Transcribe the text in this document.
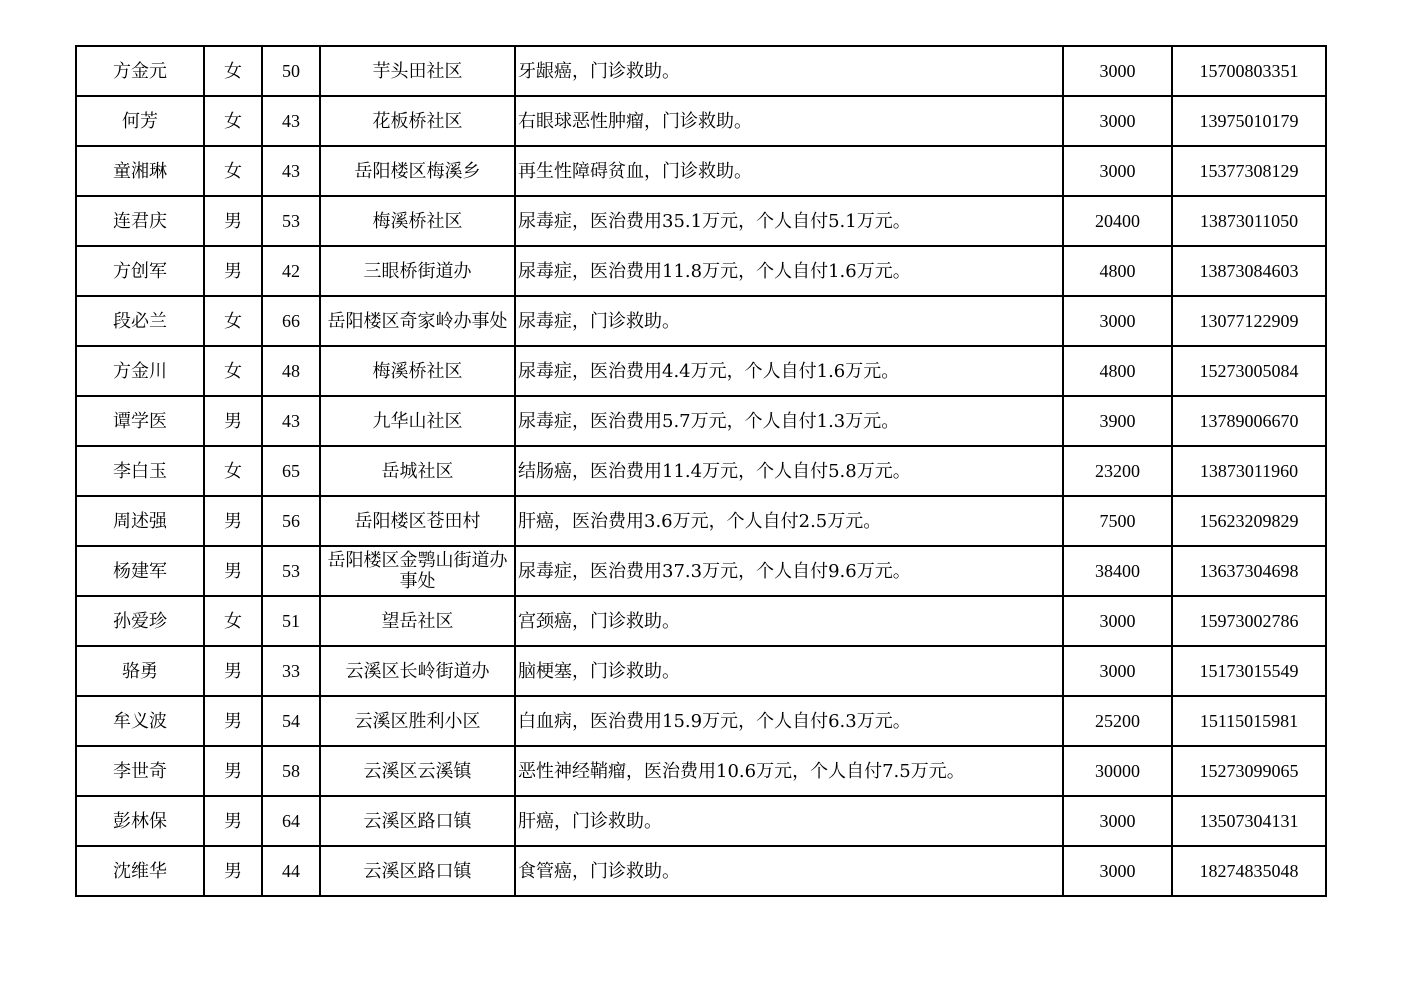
方金元	女	50	芋头田社区	牙龈癌，门诊救助。	3000	15700803351
何芳	女	43	花板桥社区	右眼球恶性肿瘤，门诊救助。	3000	13975010179
童湘琳	女	43	岳阳楼区梅溪乡	再生性障碍贫血，门诊救助。	3000	15377308129
连君庆	男	53	梅溪桥社区	尿毒症，医治费用35.1万元，个人自付5.1万元。	20400	13873011050
方创军	男	42	三眼桥街道办	尿毒症，医治费用11.8万元，个人自付1.6万元。	4800	13873084603
段必兰	女	66	岳阳楼区奇家岭办事处	尿毒症，门诊救助。	3000	13077122909
方金川	女	48	梅溪桥社区	尿毒症，医治费用4.4万元，个人自付1.6万元。	4800	15273005084
谭学医	男	43	九华山社区	尿毒症，医治费用5.7万元，个人自付1.3万元。	3900	13789006670
李白玉	女	65	岳城社区	结肠癌，医治费用11.4万元，个人自付5.8万元。	23200	13873011960
周述强	男	56	岳阳楼区苍田村	肝癌，医治费用3.6万元，个人自付2.5万元。	7500	15623209829
杨建军	男	53	岳阳楼区金鹗山街道办事处	尿毒症，医治费用37.3万元，个人自付9.6万元。	38400	13637304698
孙爱珍	女	51	望岳社区	宫颈癌，门诊救助。	3000	15973002786
骆勇	男	33	云溪区长岭街道办	脑梗塞，门诊救助。	3000	15173015549
牟义波	男	54	云溪区胜利小区	白血病，医治费用15.9万元，个人自付6.3万元。	25200	15115015981
李世奇	男	58	云溪区云溪镇	恶性神经鞘瘤，医治费用10.6万元，个人自付7.5万元。	30000	15273099065
彭林保	男	64	云溪区路口镇	肝癌，门诊救助。	3000	13507304131
沈维华	男	44	云溪区路口镇	食管癌，门诊救助。	3000	18274835048
